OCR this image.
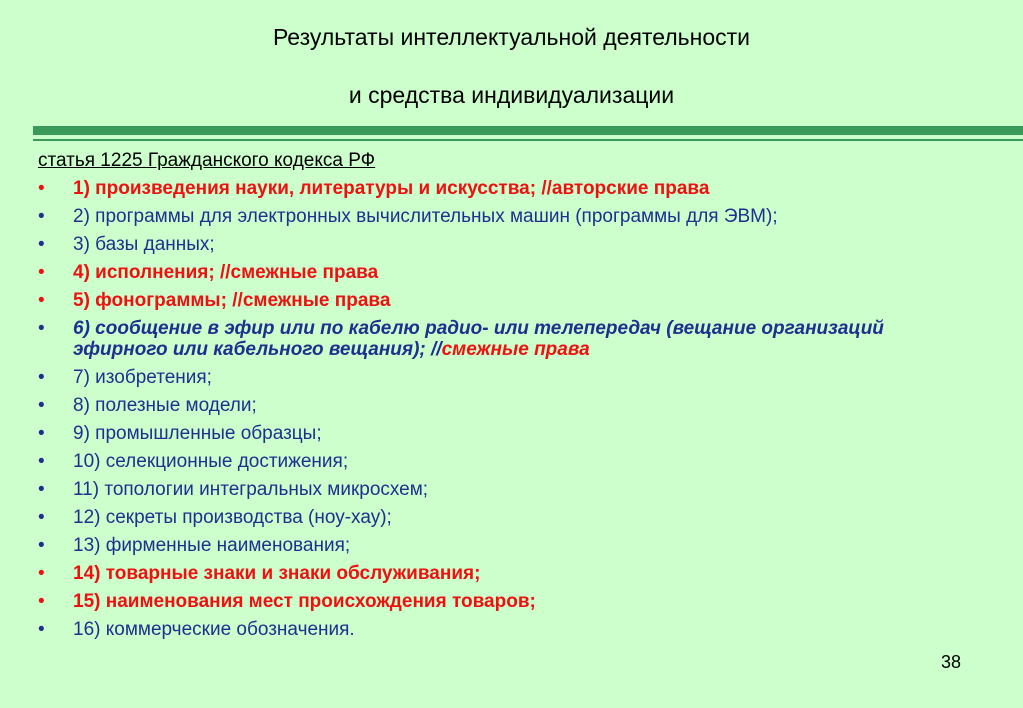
Результаты интеллектуальной деятельности
и средства индивидуализации
статья 1225 Гражданского кодекса РФ
• 1) произведения науки, литературы и искусства; //авторские права
• 2) программы для электронных вычислительных машин (программы для ЭВМ);
• 3) базы данных;
• 4) исполнения; //смежные права
• 5) фонограммы; //смежные права
• 6) сообщение в эфир или по кабелю радио- или телепередач (вещание организаций эфирного или кабельного вещания); //смежные права
• 7) изобретения;
• 8) полезные модели;
• 9) промышленные образцы;
• 10) селекционные достижения;
• 11) топологии интегральных микросхем;
• 12) секреты производства (ноу-хау);
• 13) фирменные наименования;
• 14) товарные знаки и знаки обслуживания;
• 15) наименования мест происхождения товаров;
• 16) коммерческие обозначения.
38
